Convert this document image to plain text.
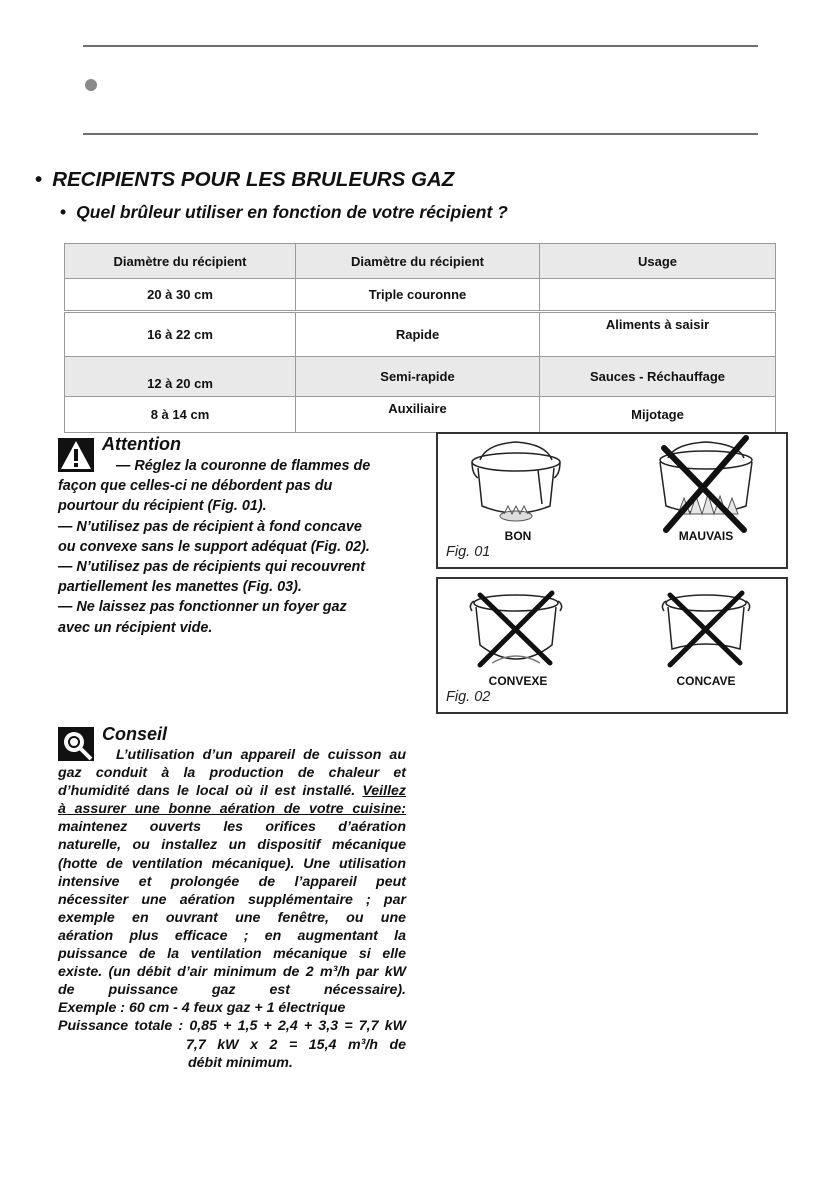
• RECIPIENTS POUR LES BRULEURS GAZ
• Quel brûleur utiliser en fonction de votre récipient ?
Diamètre du récipient	Diamètre du récipient	Usage
20 à 30 cm	Triple couronne	
16 à 22 cm	Rapide	Aliments à saisir
12 à 20 cm	Semi-rapide	Sauces - Réchauffage
8 à 14 cm	Auxiliaire	Mijotage
Attention
— Réglez la couronne de flammes de
façon que celles-ci ne débordent pas du
pourtour du récipient (Fig. 01).
— N’utilisez pas de récipient à fond concave
ou convexe sans le support adéquat (Fig. 02).
— N’utilisez pas de récipients qui recouvrent
partiellement les manettes (Fig. 03).
— Ne laissez pas fonctionner un foyer gaz
avec un récipient vide.
BON	MAUVAIS
Fig. 01
CONVEXE	CONCAVE
Fig. 02
Conseil
L’utilisation d’un appareil de cuisson au
gaz conduit à la production de chaleur et
d’humidité dans le local où il est installé. Veillez
à assurer une bonne aération de votre cuisine:
maintenez ouverts les orifices d’aération
naturelle, ou installez un dispositif mécanique
(hotte de ventilation mécanique). Une utilisation
intensive et prolongée de l’appareil peut
nécessiter une aération supplémentaire ; par
exemple en ouvrant une fenêtre, ou une
aération plus efficace ; en augmentant la
puissance de la ventilation mécanique si elle
existe. (un débit d’air minimum de 2 m³/h par kW
de puissance gaz est nécessaire).
Exemple : 60 cm - 4 feux gaz + 1 électrique
Puissance totale : 0,85 + 1,5 + 2,4 + 3,3 = 7,7 kW
7,7 kW x 2 = 15,4 m³/h de
débit minimum.
